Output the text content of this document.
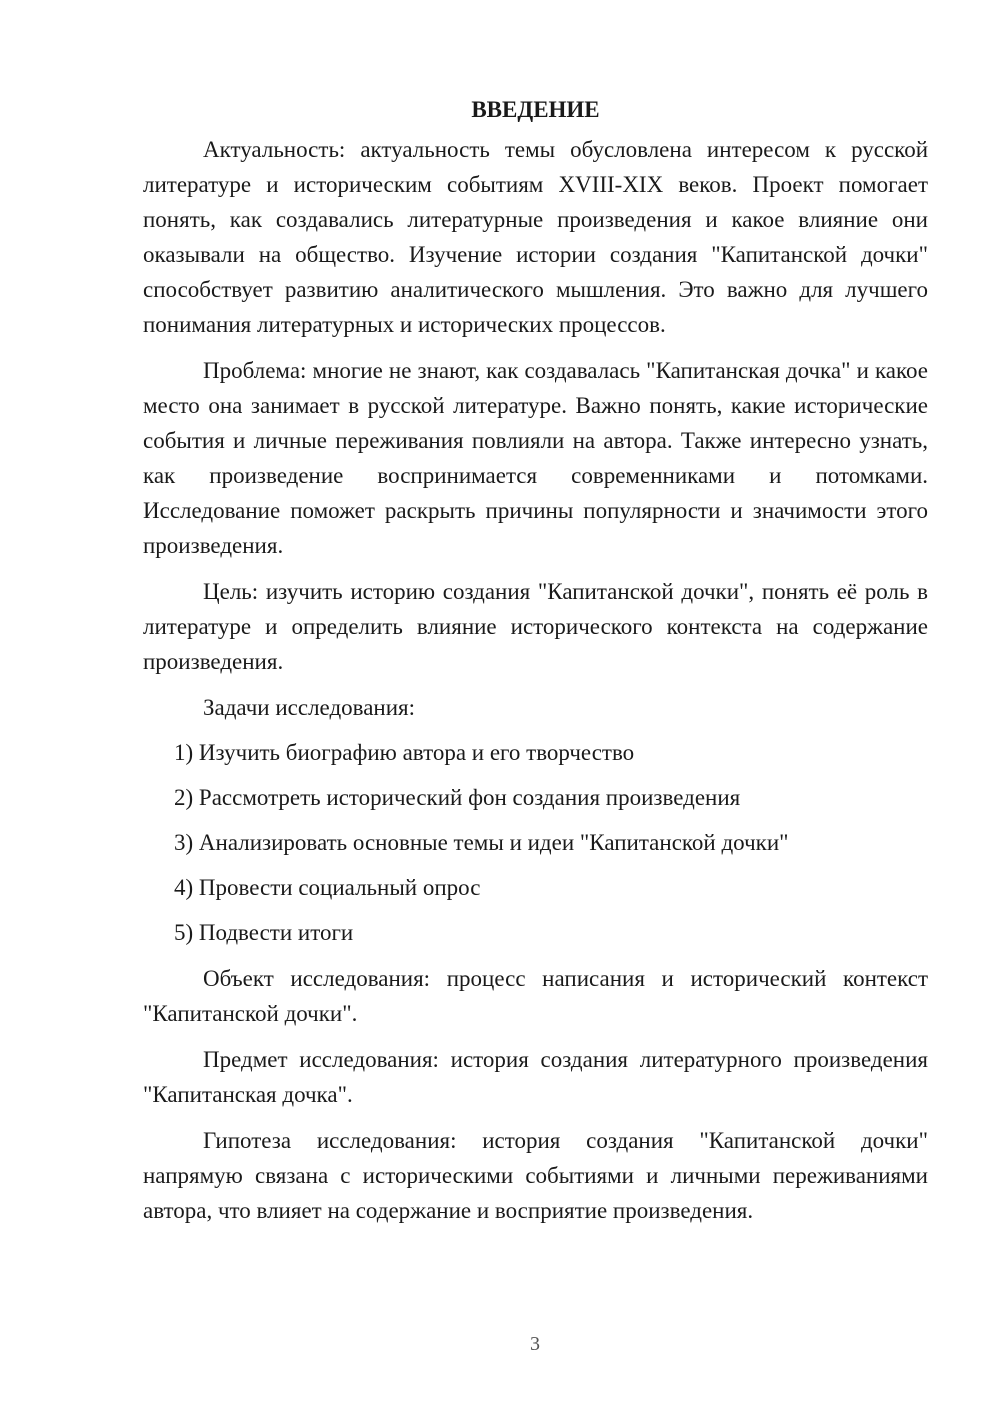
ВВЕДЕНИЕ

Актуальность: актуальность темы обусловлена интересом к русской литературе и историческим событиям XVIII-XIX веков. Проект помогает понять, как создавались литературные произведения и какое влияние они оказывали на общество. Изучение истории создания "Капитанской дочки" способствует развитию аналитического мышления. Это важно для лучшего понимания литературных и исторических процессов.

Проблема: многие не знают, как создавалась "Капитанская дочка" и какое место она занимает в русской литературе. Важно понять, какие исторические события и личные переживания повлияли на автора. Также интересно узнать, как произведение воспринимается современниками и потомками. Исследование поможет раскрыть причины популярности и значимости этого произведения.

Цель: изучить историю создания "Капитанской дочки", понять её роль в литературе и определить влияние исторического контекста на содержание произведения.

Задачи исследования:

1) Изучить биографию автора и его творчество
2) Рассмотреть исторический фон создания произведения
3) Анализировать основные темы и идеи "Капитанской дочки"
4) Провести социальный опрос
5) Подвести итоги

Объект исследования: процесс написания и исторический контекст "Капитанской дочки".

Предмет исследования: история создания литературного произведения "Капитанская дочка".

Гипотеза исследования: история создания "Капитанской дочки" напрямую связана с историческими событиями и личными переживаниями автора, что влияет на содержание и восприятие произведения.

3
